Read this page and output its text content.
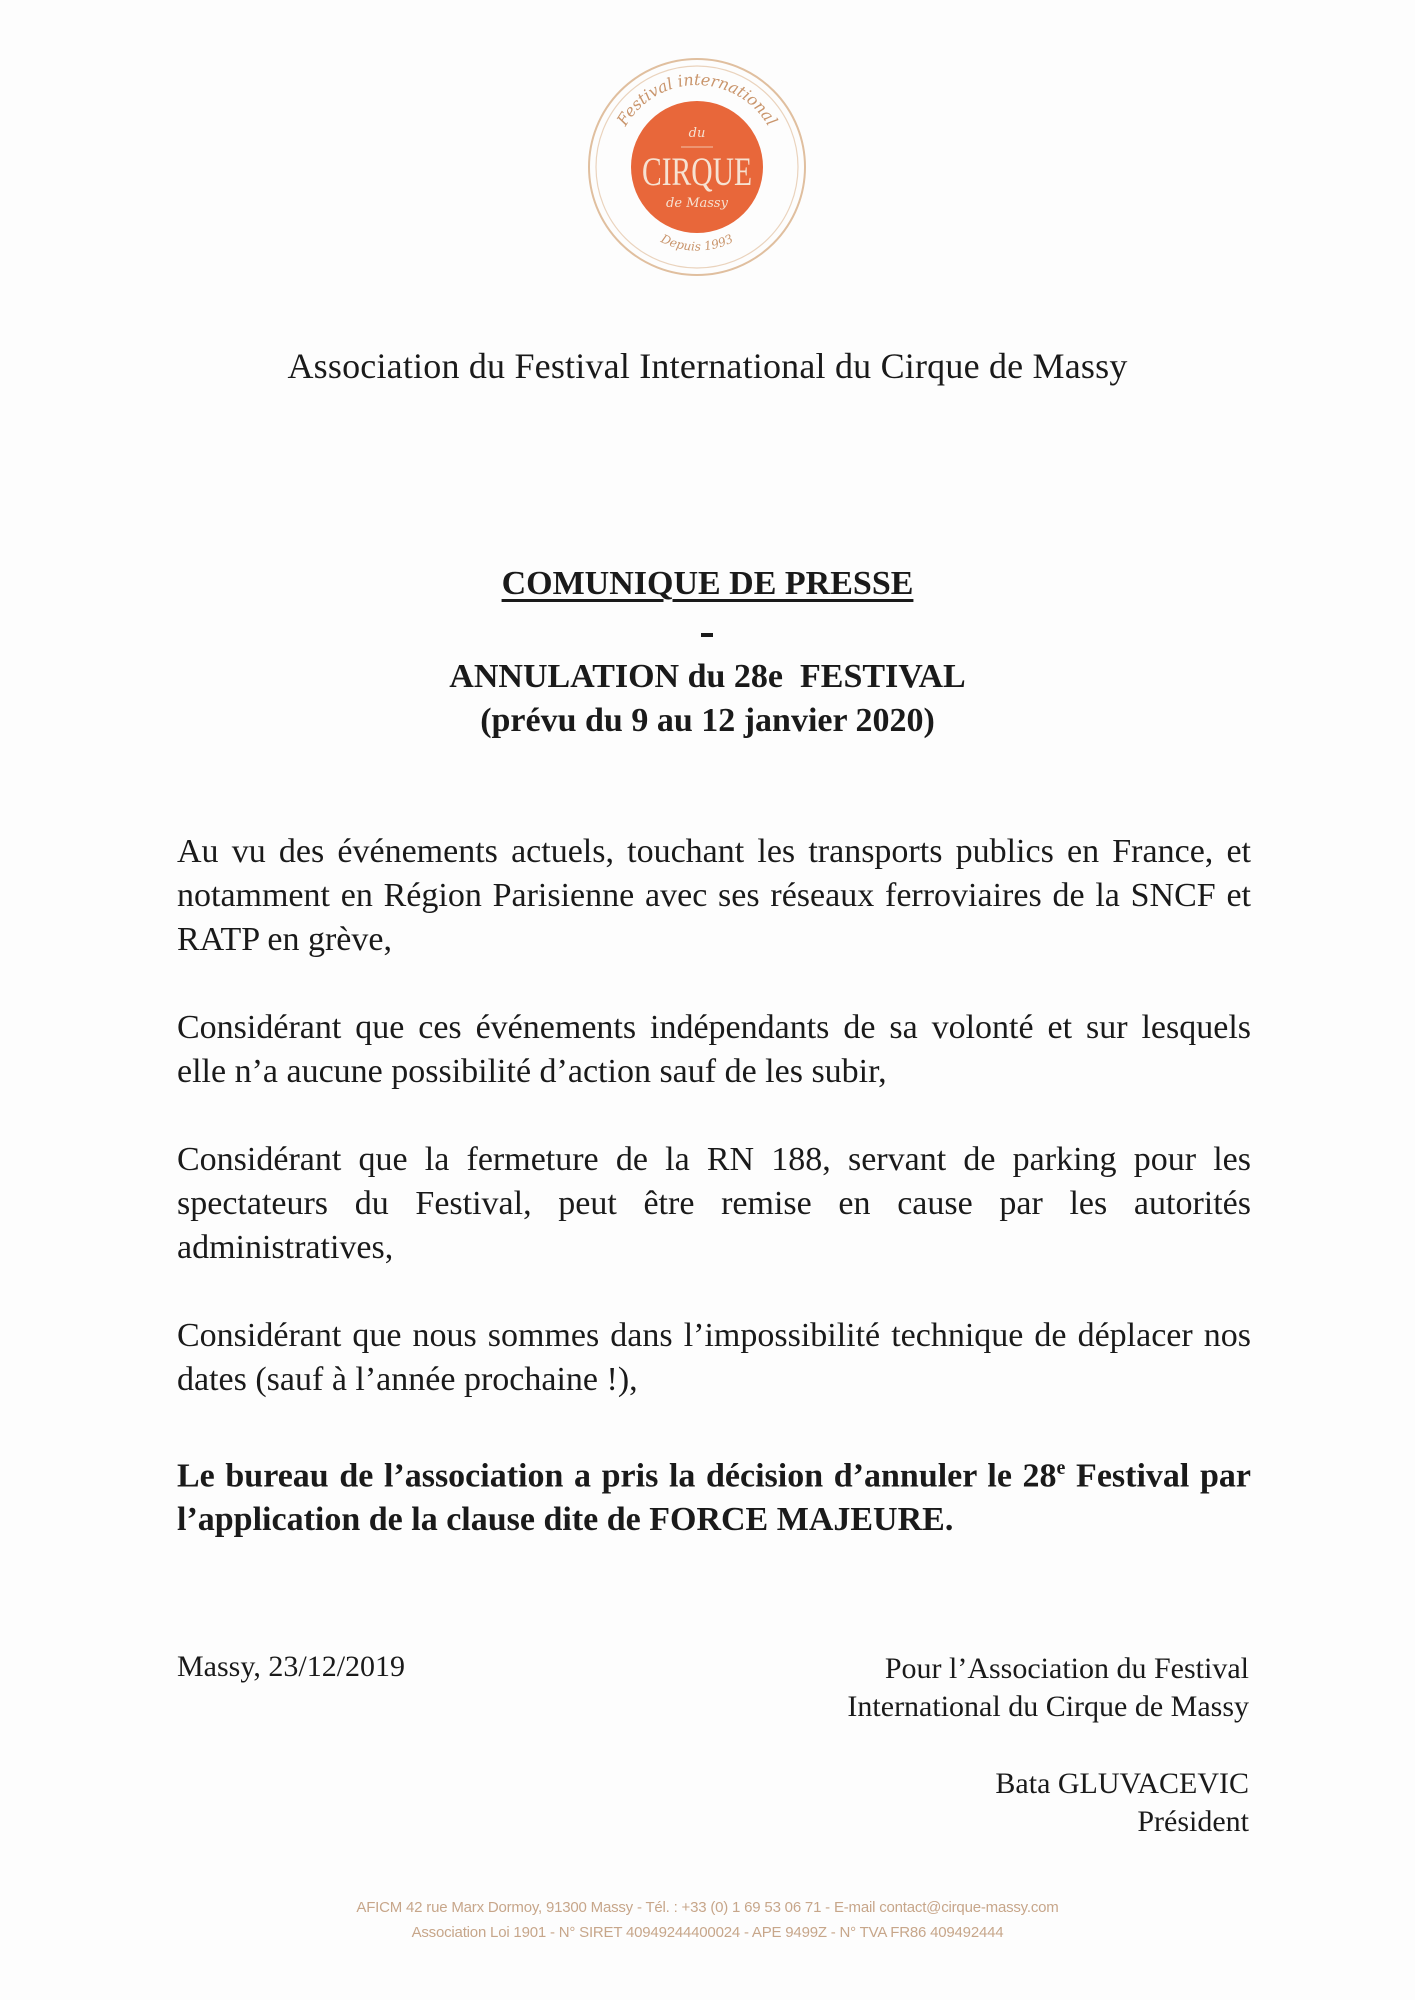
Festival international
du
CIRQUE
de Massy
Depuis 1993
Association du Festival International du Cirque de Massy
COMUNIQUE DE PRESSE
ANNULATION du 28e  FESTIVAL
(prévu du 9 au 12 janvier 2020)

Au vu des événements actuels, touchant les transports publics en France, et notamment en Région Parisienne avec ses réseaux ferroviaires de la SNCF et RATP en grève,

Considérant que ces événements indépendants de sa volonté et sur lesquels elle n’a aucune possibilité d’action sauf de les subir,

Considérant que la fermeture de la RN 188, servant de parking pour les spectateurs du Festival, peut être remise en cause par les autorités administratives,

Considérant que nous sommes dans l’impossibilité technique de déplacer nos dates (sauf à l’année prochaine !),

Le bureau de l’association a pris la décision d’annuler le 28e Festival par l’application de la clause dite de FORCE MAJEURE.

Massy, 23/12/2019	Pour l’Association du Festival
International du Cirque de Massy
Bata GLUVACEVIC
Président
AFICM 42 rue Marx Dormoy, 91300 Massy - Tél. : +33 (0) 1 69 53 06 71 - E-mail contact@cirque-massy.com
Association Loi 1901 - N° SIRET 40949244400024 - APE 9499Z - N° TVA FR86 409492444
